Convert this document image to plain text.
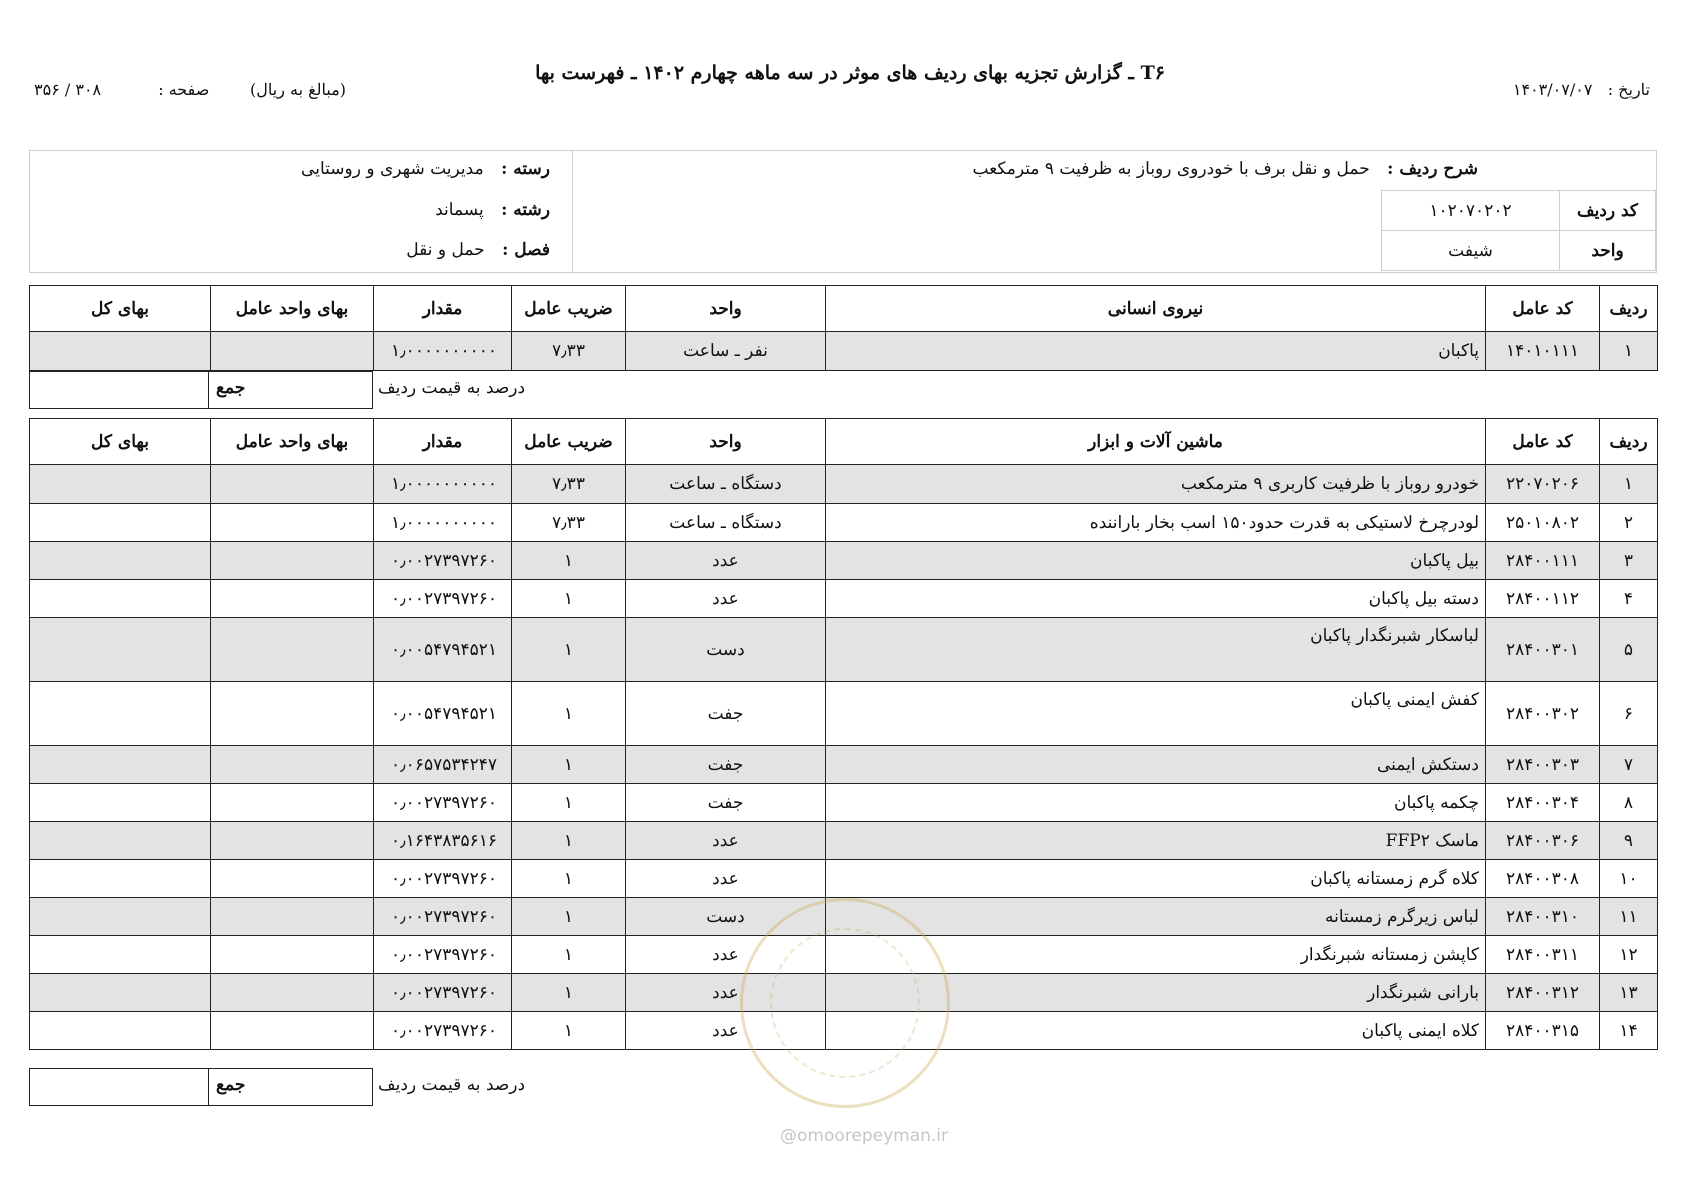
T۶ ـ گزارش تجزیه بهای ردیف های موثر در سه ماهه چهارم ۱۴۰۲ ـ فهرست بها
تاریخ :   ۱۴۰۳/۰۷/۰۷
(مبالغ به ریال)
صفحه : ۳۰۸ / ۳۵۶
شرح ردیف : حمل و نقل برف با خودروی روباز به ظرفیت ۹ مترمکعب
کد ردیف	۱۰۲۰۷۰۲۰۲
واحد	شیفت
رسته : مدیریت شهری و روستایی
رشته : پسماند
فصل : حمل و نقل
ردیف	کد عامل	نیروی انسانی	واحد	ضریب عامل	مقدار	بهای واحد عامل	بهای کل
۱	۱۴۰۱۰۱۱۱	پاکبان	نفر ـ ساعت	۷٫۳۳	۱٫۰۰۰۰۰۰۰۰۰۰		
جمع	درصد به قیمت ردیف
ردیف	کد عامل	ماشین آلات و ابزار	واحد	ضریب عامل	مقدار	بهای واحد عامل	بهای کل
۱	۲۲۰۷۰۲۰۶	خودرو روباز با ظرفیت کاربری ۹ مترمکعب	دستگاه ـ ساعت	۷٫۳۳	۱٫۰۰۰۰۰۰۰۰۰۰		
۲	۲۵۰۱۰۸۰۲	لودرچرخ لاستیکی به قدرت حدود۱۵۰ اسب بخار باراننده	دستگاه ـ ساعت	۷٫۳۳	۱٫۰۰۰۰۰۰۰۰۰۰		
۳	۲۸۴۰۰۱۱۱	بیل پاکبان	عدد	۱	۰٫۰۰۲۷۳۹۷۲۶۰		
۴	۲۸۴۰۰۱۱۲	دسته بیل پاکبان	عدد	۱	۰٫۰۰۲۷۳۹۷۲۶۰		
۵	۲۸۴۰۰۳۰۱	لباسکار شبرنگدار پاکبان	دست	۱	۰٫۰۰۵۴۷۹۴۵۲۱		
۶	۲۸۴۰۰۳۰۲	کفش ایمنی پاکبان	جفت	۱	۰٫۰۰۵۴۷۹۴۵۲۱		
۷	۲۸۴۰۰۳۰۳	دستکش ایمنی	جفت	۱	۰٫۰۶۵۷۵۳۴۲۴۷		
۸	۲۸۴۰۰۳۰۴	چکمه پاکبان	جفت	۱	۰٫۰۰۲۷۳۹۷۲۶۰		
۹	۲۸۴۰۰۳۰۶	ماسک FFP۲	عدد	۱	۰٫۱۶۴۳۸۳۵۶۱۶		
۱۰	۲۸۴۰۰۳۰۸	کلاه گرم زمستانه پاکبان	عدد	۱	۰٫۰۰۲۷۳۹۷۲۶۰		
۱۱	۲۸۴۰۰۳۱۰	لباس زیرگرم زمستانه	دست	۱	۰٫۰۰۲۷۳۹۷۲۶۰		
۱۲	۲۸۴۰۰۳۱۱	کاپشن زمستانه شبرنگدار	عدد	۱	۰٫۰۰۲۷۳۹۷۲۶۰		
۱۳	۲۸۴۰۰۳۱۲	بارانی شبرنگدار	عدد	۱	۰٫۰۰۲۷۳۹۷۲۶۰		
۱۴	۲۸۴۰۰۳۱۵	کلاه ایمنی پاکبان	عدد	۱	۰٫۰۰۲۷۳۹۷۲۶۰		
جمع	درصد به قیمت ردیف
@omoorepeyman.ir
